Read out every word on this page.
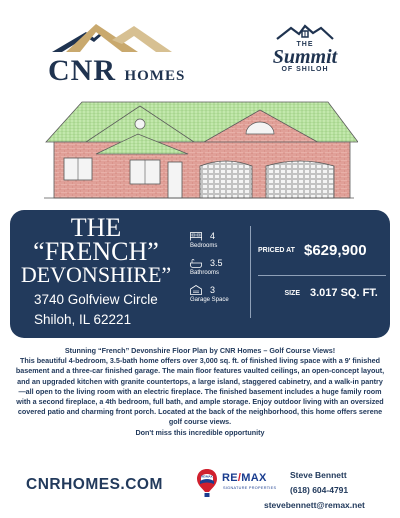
CNR HOMES
THE
Summit
OF SHILOH
THE
“FRENCH”
DEVONSHIRE”
3740 Golfview Circle
Shiloh, IL 62221
4
Bedrooms
3.5
Bathrooms
3
Garage Space
PRICED AT $629,900
SIZE 3.017 SQ. FT.
Stunning “French” Devonshire Floor Plan by CNR Homes – Golf Course Views!
This beautiful 4-bedroom, 3.5-bath home offers over 3,000 sq. ft. of finished living space with a 9' finished basement and a three-car finished garage. The main floor features vaulted ceilings, an open-concept layout, and an upgraded kitchen with granite countertops, a large island, staggered cabinetry, and a walk-in pantry—all open to the living room with an electric fireplace. The finished basement includes a huge family room with a second fireplace, a 4th bedroom, full bath, and ample storage. Enjoy outdoor living with an oversized covered patio and charming front porch. Located at the back of the neighborhood, this home offers serene golf course views.
Don't miss this incredible opportunity
CNRHOMES.COM	RE/MAX RE/MAX
SIGNATURE PROPERTIES
Steve Bennett
(618) 604-4791
stevebennett@remax.net
